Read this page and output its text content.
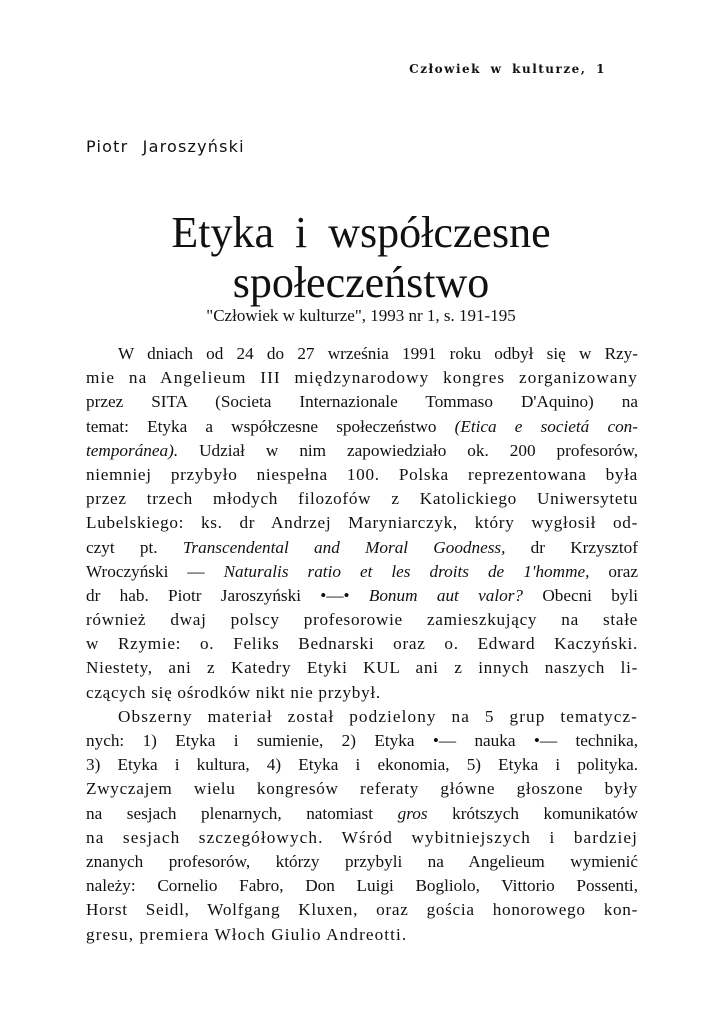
Człowiek w kulturze, 1
Piotr Jaroszyński
Etyka i współczesne
społeczeństwo
"Człowiek w kulturze", 1993 nr 1, s. 191-195
W dniach od 24 do 27 września 1991 roku odbył się w Rzy-
mie na Angelieum III międzynarodowy kongres zorganizowany
przez SITA (Societa Internazionale Tommaso D'Aquino) na
temat: Etyka a współczesne społeczeństwo (Etica e societá con-
temporánea). Udział w nim zapowiedziało ok. 200 profesorów,
niemniej przybyło niespełna 100. Polska reprezentowana była
przez trzech młodych filozofów z Katolickiego Uniwersytetu
Lubelskiego: ks. dr Andrzej Maryniarczyk, który wygłosił od-
czyt pt. Transcendental and Moral Goodness, dr Krzysztof
Wroczyński — Naturalis ratio et les droits de 1'homme, oraz
dr hab. Piotr Jaroszyński •—• Bonum aut valor? Obecni byli
również dwaj polscy profesorowie zamieszkujący na stałe
w Rzymie: o. Feliks Bednarski oraz o. Edward Kaczyński.
Niestety, ani z Katedry Etyki KUL ani z innych naszych li-
czących się ośrodków nikt nie przybył.
Obszerny materiał został podzielony na 5 grup tematycz-
nych: 1) Etyka i sumienie, 2) Etyka •— nauka •— technika,
3) Etyka i kultura, 4) Etyka i ekonomia, 5) Etyka i polityka.
Zwyczajem wielu kongresów referaty główne głoszone były
na sesjach plenarnych, natomiast gros krótszych komunikatów
na sesjach szczegółowych. Wśród wybitniejszych i bardziej
znanych profesorów, którzy przybyli na Angelieum wymienić
należy: Cornelio Fabro, Don Luigi Bogliolo, Vittorio Possenti,
Horst Seidl, Wolfgang Kluxen, oraz gościa honorowego kon-
gresu, premiera Włoch Giulio Andreotti.
